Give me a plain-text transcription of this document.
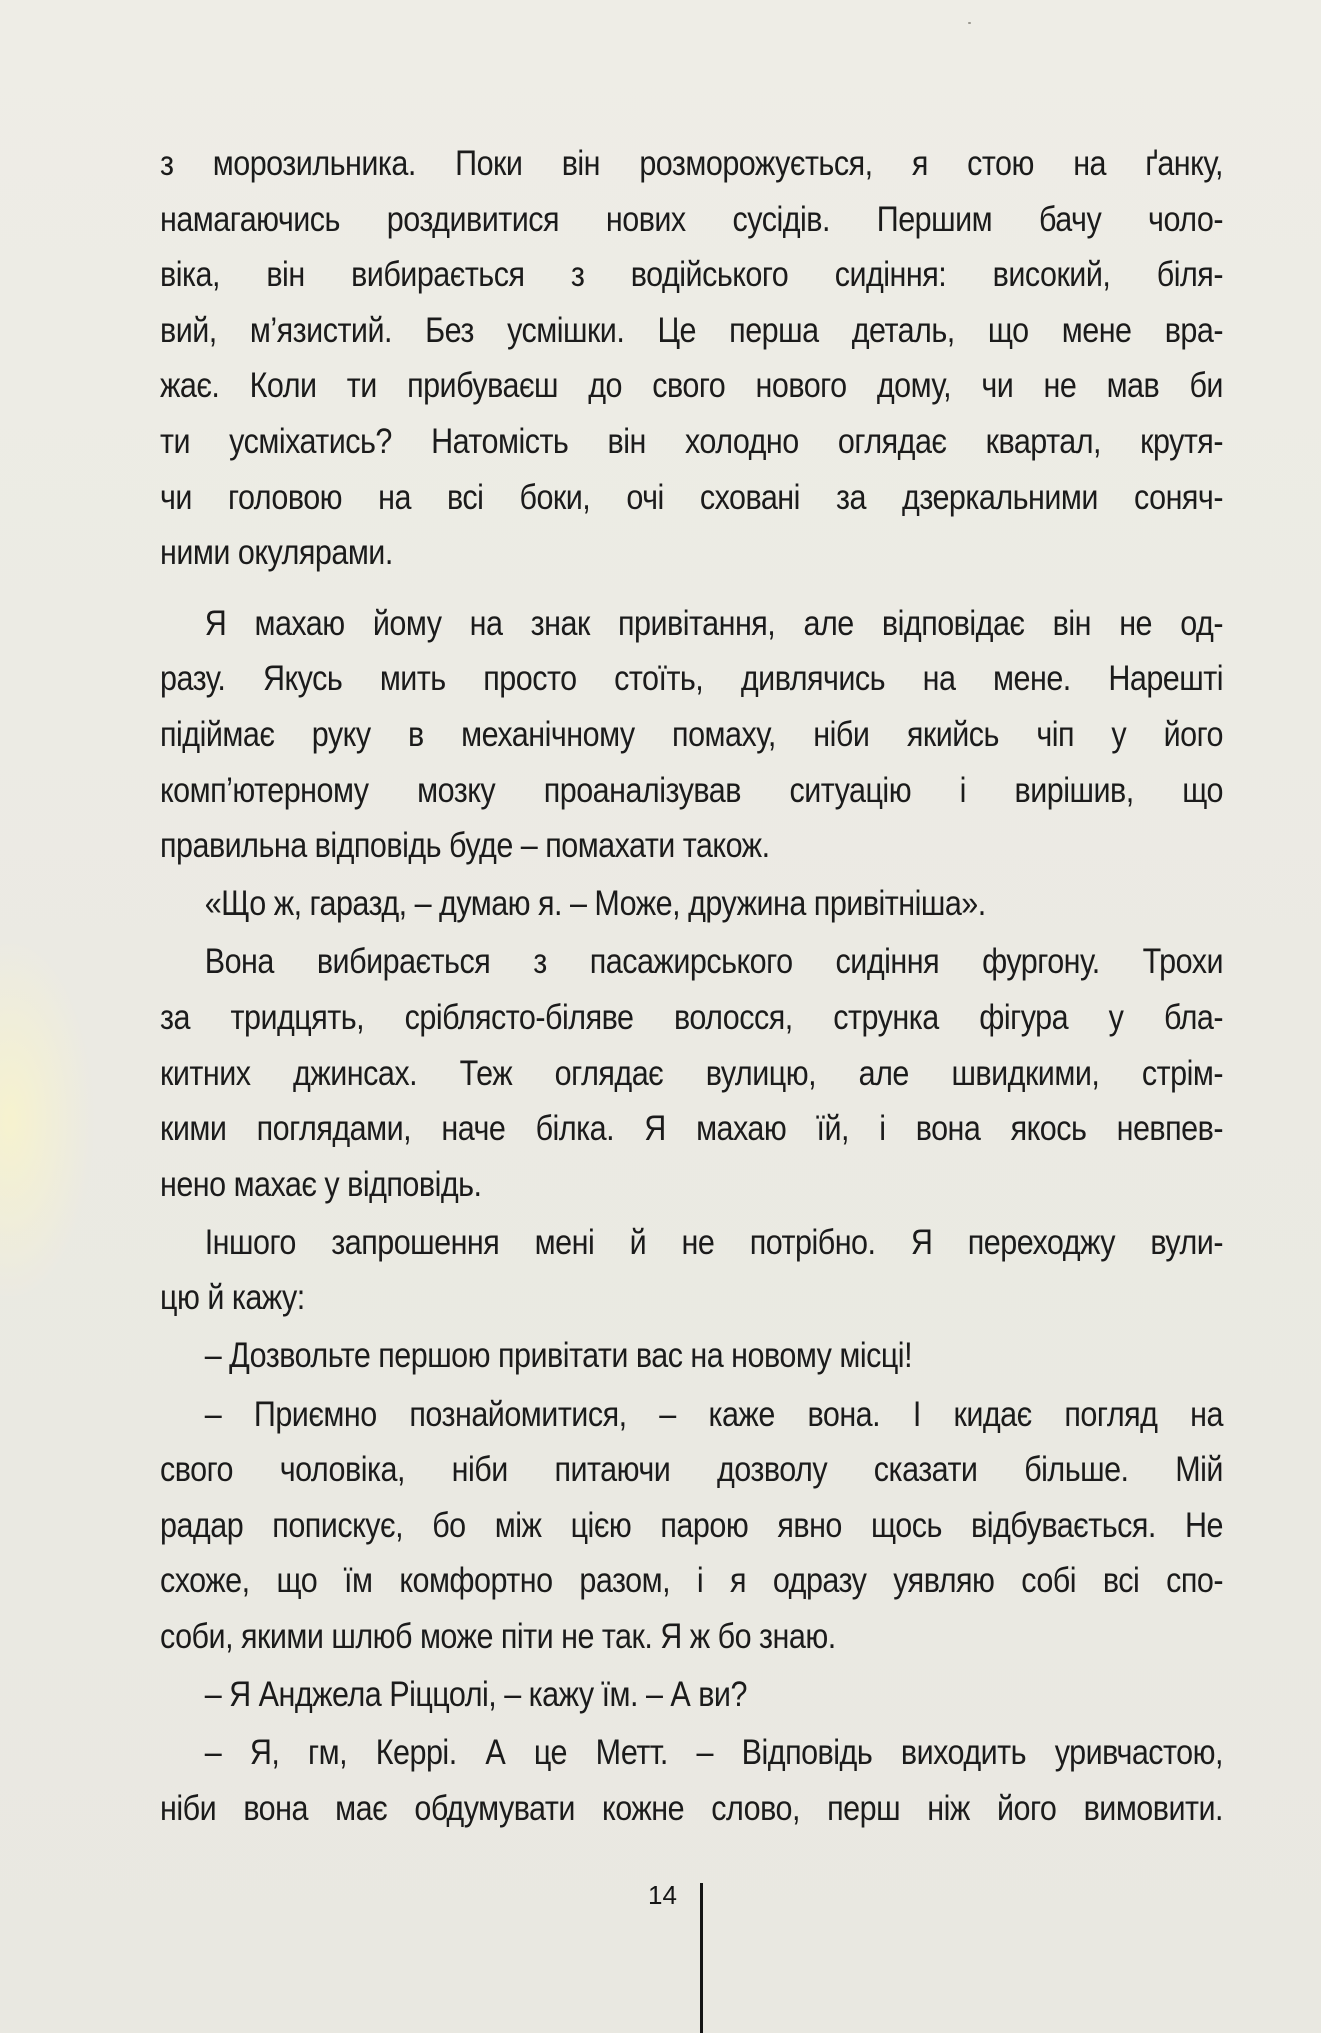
з морозильника. Поки він розморожується, я стою на ґанку,
намагаючись роздивитися нових сусідів. Першим бачу чоло-
віка, він вибирається з водійського сидіння: високий, біля-
вий, м’язистий. Без усмішки. Це перша деталь, що мене вра-
жає. Коли ти прибуваєш до свого нового дому, чи не мав би
ти усміхатись? Натомість він холодно оглядає квартал, крутя-
чи головою на всі боки, очі сховані за дзеркальними соняч-
ними окулярами.
Я махаю йому на знак привітання, але відповідає він не од-
разу. Якусь мить просто стоїть, дивлячись на мене. Нарешті
підіймає руку в механічному помаху, ніби якийсь чіп у його
комп’ютерному мозку проаналізував ситуацію і вирішив, що
правильна відповідь буде – помахати також.
«Що ж, гаразд, – думаю я. – Може, дружина привітніша».
Вона вибирається з пасажирського сидіння фургону. Трохи
за тридцять, сріблясто-біляве волосся, струнка фігура у бла-
китних джинсах. Теж оглядає вулицю, але швидкими, стрім-
кими поглядами, наче білка. Я махаю їй, і вона якось невпев-
нено махає у відповідь.
Іншого запрошення мені й не потрібно. Я переходжу вули-
цю й кажу:
– Дозвольте першою привітати вас на новому місці!
– Приємно познайомитися, – каже вона. І кидає погляд на
свого чоловіка, ніби питаючи дозволу сказати більше. Мій
радар попискує, бо між цією парою явно щось відбувається. Не
схоже, що їм комфортно разом, і я одразу уявляю собі всі спо-
соби, якими шлюб може піти не так. Я ж бо знаю.
– Я Анджела Ріццолі, – кажу їм. – А ви?
– Я, гм, Керрі. А це Метт. – Відповідь виходить уривчастою,
ніби вона має обдумувати кожне слово, перш ніж його вимовити.
14
